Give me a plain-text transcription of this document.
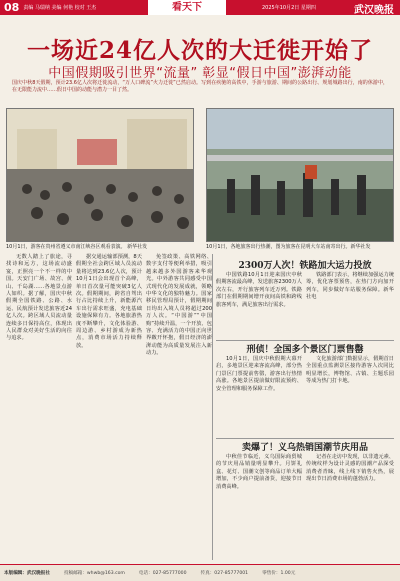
08 责编 马瑞纳 美编 何艳 校对 王杰	看天下	2025年10月2日 星期四	武汉晚报
一场近24亿人次的大迁徙开始了
中国假期吸引世界“流量” 彰显“假日中国”澎湃动能
国庆中秋8天假期，预计23.6亿人次将迁徙流动，“万人口碑流”火力迁徙”已然启动。写到在疾驰的高铁中，手游与旅游、期间的公路出行、规划城路出行，南的休游中，在无限能力流中……假日中国的动能与潜力一目了然。
10月1日，游客在贵州省遵义市南江峡谷区观看表演。 新华社发	10月1日，各地旅客出行热潮，图为旅客在昆明大车站南寄出行。新华社发

无数人踏上了旅途，寻找诗和远方，这场流动盛宴，正照亮一个不一样的中国。天安门广场、故宫、黄山、千岛湖……各地景点游人如织。据了解，国庆中秋假期全国铁路、公路、水运、民航预计发送旅客近24亿人次。跨区域人员流动量连续多日保持高位，体现出人民群众对美好生活的向往与追求。

据交通运输部预测，8天假期全社会跨区域人员流动量将达到23.6亿人次，预计10月1日会出现首个高峰，单日首次量可能突破3亿人次。假期期间，跨省自驾出行占比持续上升，新能源汽车出行需求旺盛，充电基础设施保障有力。各地旅游热度不断攀升，文化体验游、周边游、乡村游成为新热点，消费市场活力持续释放。

免签政策、高铁网络、数字支付等便利举措，吸引越来越多外国游客来华观光。中外游客共同感受中国式现代化的发展成就，领略中华文化的独特魅力。国家移民管理局预计，假期期间日均出入境人员将超过200万人次。“中国游”“中国购”持续升温，一个开放、包容、充满活力的中国正向世界敞开怀抱，假日经济的澎湃动能为高质量发展注入新动力。

2300万人次！铁路加大运力投放

中国铁路10月1日迎来国庆中秋假期客流最高峰，发送旅客2300万人次左右，开行旅客列车近万列。铁路部门在假期期间增开夜间高铁和跨线旅客列车，满足旅客出行需求。

铁路部门表示，将继续加强运力统筹，优化客票预售，在热门方向加开列车，同步做好车站服务保障。新华社电

刑侦！全国多个景区门票售罄

10月1日，国庆中秋假期大幕开启，多地景区迎来客流高峰，部分热门景区门票提前售罄，游客出行热情高涨。各地景区提前做好限流预约、安全管理和服务保障工作。

文化旅游部门数据显示，假期首日全国重点监测景区接待游客人次同比明显增长，博物馆、古镇、主题乐园等成为热门打卡地。

卖爆了！义乌热销国潮节庆用品

中秋佳节临近，义乌国际商贸城的节庆用品销量明显攀升。月饼礼盒、花灯、国潮文创等商品订单大幅增加，不少商户提前备货，迎接节日消费高峰。

记者在走访中发现，以非遗元素、传统纹样为设计灵感的国潮产品深受消费者青睐，线上线下销售火热，展现出节日消费市场的蓬勃活力。

本版编辑：武汉晚报社	投稿邮箱：whwb@163.com	电话：027-85777000	传真：027-85777001	零售价：1.00元
